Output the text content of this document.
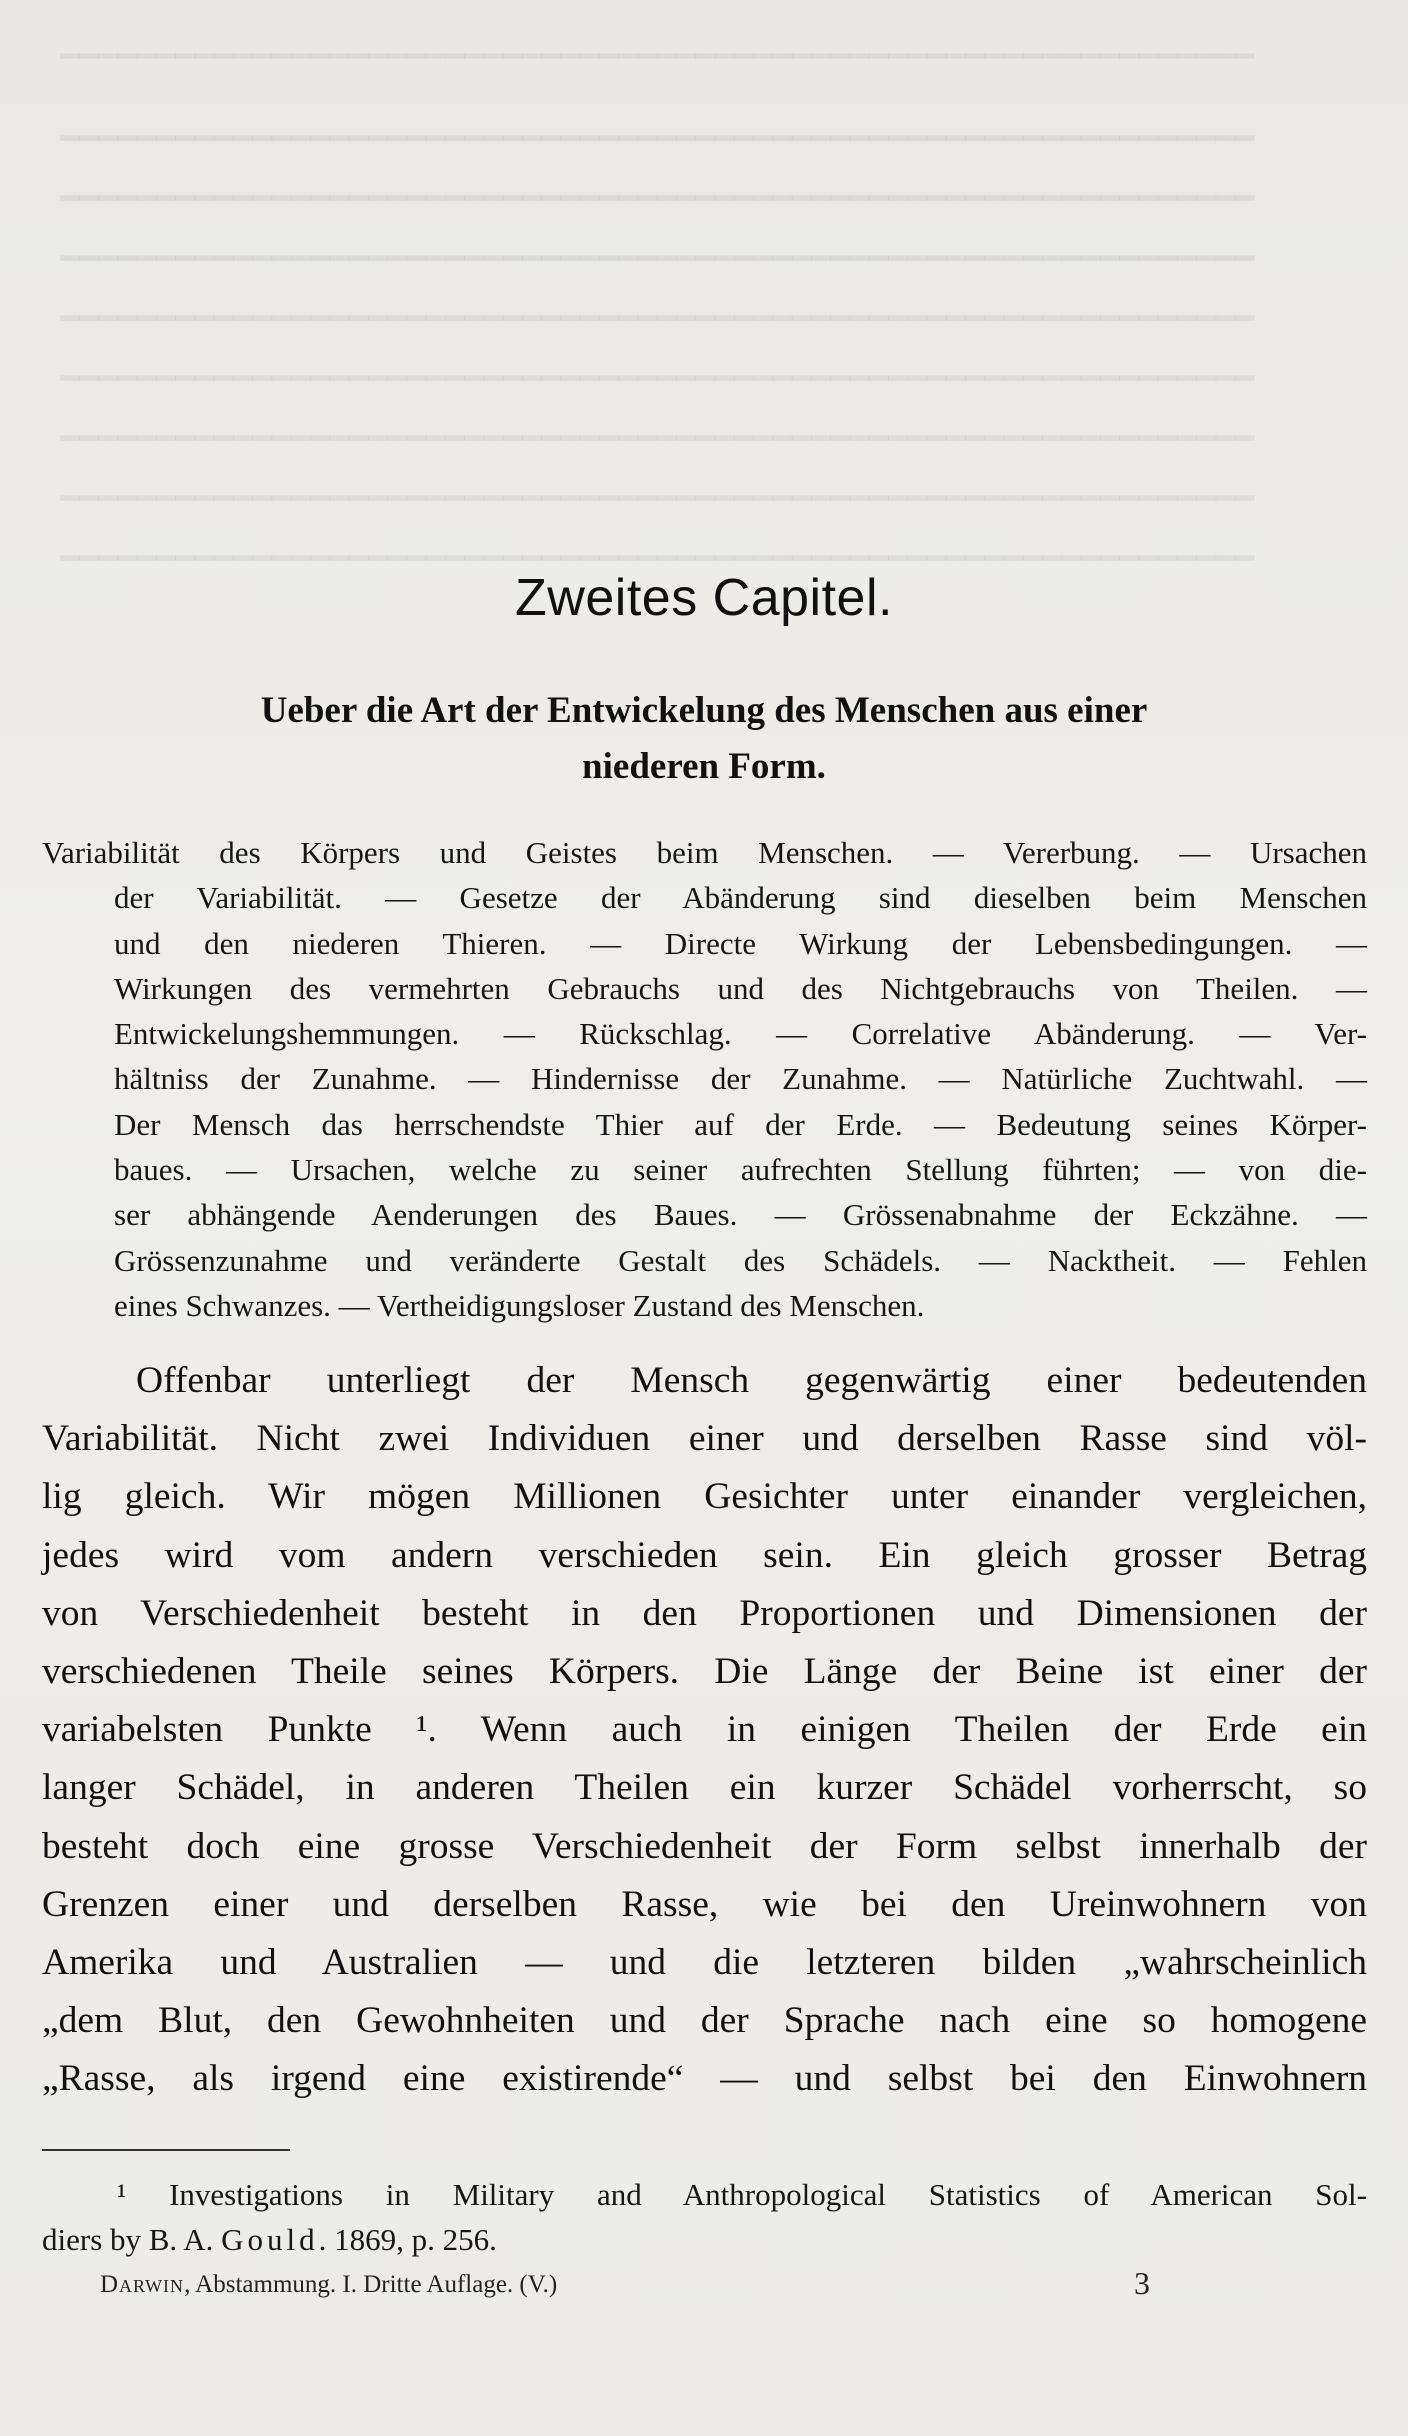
━━━━━━━━━━━━━━━━━━━━━━━━━━━━━━━━━━━━━━━━━━━━━━━━━━━━━━━━━━━━━━
━━━━━━━━━━━━━━━━━━━━━━━━━━━━━━━━━━━━━━━━━━━━━━━━━━━━━━━━━━━━━━
━━━━━━━━━━━━━━━━━━━━━━━━━━━━━━━━━━━━━━━━━━━━━━━━━━━━━━━━━━━━━━
━━━━━━━━━━━━━━━━━━━━━━━━━━━━━━━━━━━━━━━━━━━━━━━━━━━━━━━━━━━━━━
━━━━━━━━━━━━━━━━━━━━━━━━━━━━━━━━━━━━━━━━━━━━━━━━━━━━━━━━━━━━━━
━━━━━━━━━━━━━━━━━━━━━━━━━━━━━━━━━━━━━━━━━━━━━━━━━━━━━━━━━━━━━━
━━━━━━━━━━━━━━━━━━━━━━━━━━━━━━━━━━━━━━━━━━━━━━━━━━━━━━━━━━━━━━
━━━━━━━━━━━━━━━━━━━━━━━━━━━━━━━━━━━━━━━━━━━━━━━━━━━━━━━━━━━━━━
━━━━━━━━━━━━━━━━━━━━━━━━━━━━━━━━━━━━━━━━━━━━━━━━━━━━━━━━━━━━━━
Zweites Capitel.
Ueber die Art der Entwickelung des Menschen aus einer
niederen Form.
Variabilität des Körpers und Geistes beim Menschen. — Vererbung. — Ursachen
der Variabilität. — Gesetze der Abänderung sind dieselben beim Menschen
und den niederen Thieren. — Directe Wirkung der Lebensbedingungen. —
Wirkungen des vermehrten Gebrauchs und des Nichtgebrauchs von Theilen. —
Entwickelungshemmungen. — Rückschlag. — Correlative Abänderung. — Ver-
hältniss der Zunahme. — Hindernisse der Zunahme. — Natürliche Zuchtwahl. —
Der Mensch das herrschendste Thier auf der Erde. — Bedeutung seines Körper-
baues. — Ursachen, welche zu seiner aufrechten Stellung führten; — von die-
ser abhängende Aenderungen des Baues. — Grössenabnahme der Eckzähne. —
Grössenzunahme und veränderte Gestalt des Schädels. — Nacktheit. — Fehlen
eines Schwanzes. — Vertheidigungsloser Zustand des Menschen.
Offenbar unterliegt der Mensch gegenwärtig einer bedeutenden
Variabilität. Nicht zwei Individuen einer und derselben Rasse sind völ-
lig gleich. Wir mögen Millionen Gesichter unter einander vergleichen,
jedes wird vom andern verschieden sein. Ein gleich grosser Betrag
von Verschiedenheit besteht in den Proportionen und Dimensionen der
verschiedenen Theile seines Körpers. Die Länge der Beine ist einer der
variabelsten Punkte ¹. Wenn auch in einigen Theilen der Erde ein
langer Schädel, in anderen Theilen ein kurzer Schädel vorherrscht, so
besteht doch eine grosse Verschiedenheit der Form selbst innerhalb der
Grenzen einer und derselben Rasse, wie bei den Ureinwohnern von
Amerika und Australien — und die letzteren bilden „wahrscheinlich
„dem Blut, den Gewohnheiten und der Sprache nach eine so homogene
„Rasse, als irgend eine existirende“ — und selbst bei den Einwohnern
¹ Investigations in Military and Anthropological Statistics of American Sol-
diers by B. A. Gould. 1869, p. 256.
Darwin, Abstammung. I. Dritte Auflage. (V.)	3
